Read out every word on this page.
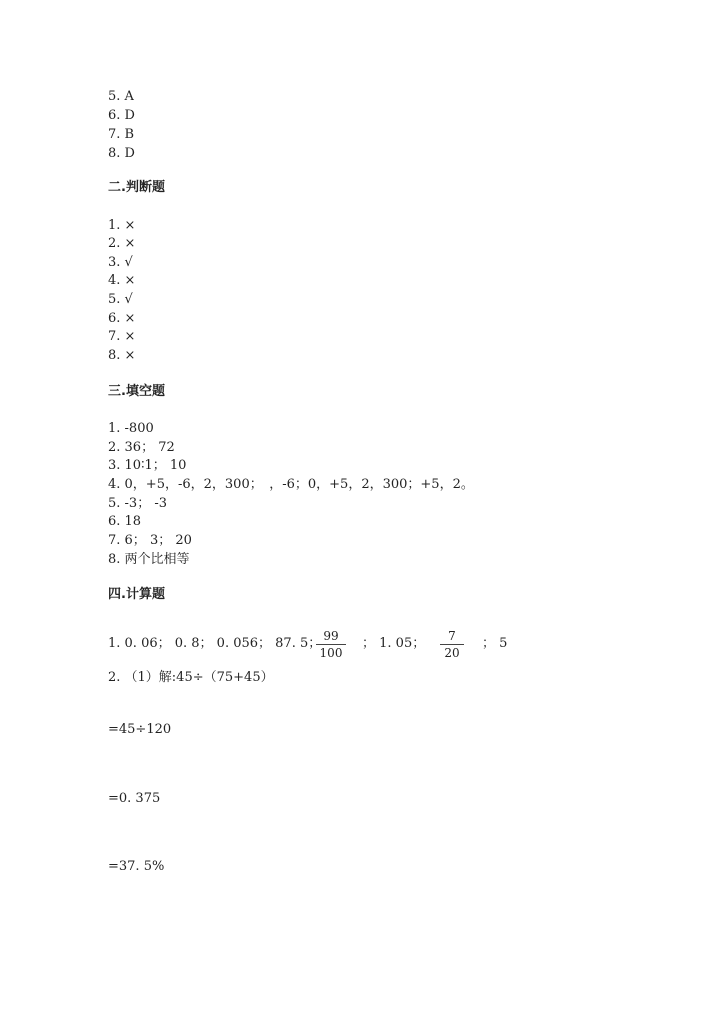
5. A
6. D
7. B
8. D
二.判断题
1. ×
2. ×
3. √
4. ×
5. √
6. ×
7. ×
8. ×
三.填空题
1. -800
2. 36； 72
3. 10∶1； 10
4. 0，+5，-6，2，300；　，-6；0，+5，2，300；+5，2。
5. -3； -3
6. 18
7. 6； 3； 20
8. 两个比相等
四.计算题
1. 0. 06； 0. 8； 0. 056； 87. 5； 99
100
； 1. 05；	7
20
； 5
2. （1）解:45÷（75+45）
=45÷120
=0. 375
=37. 5%
